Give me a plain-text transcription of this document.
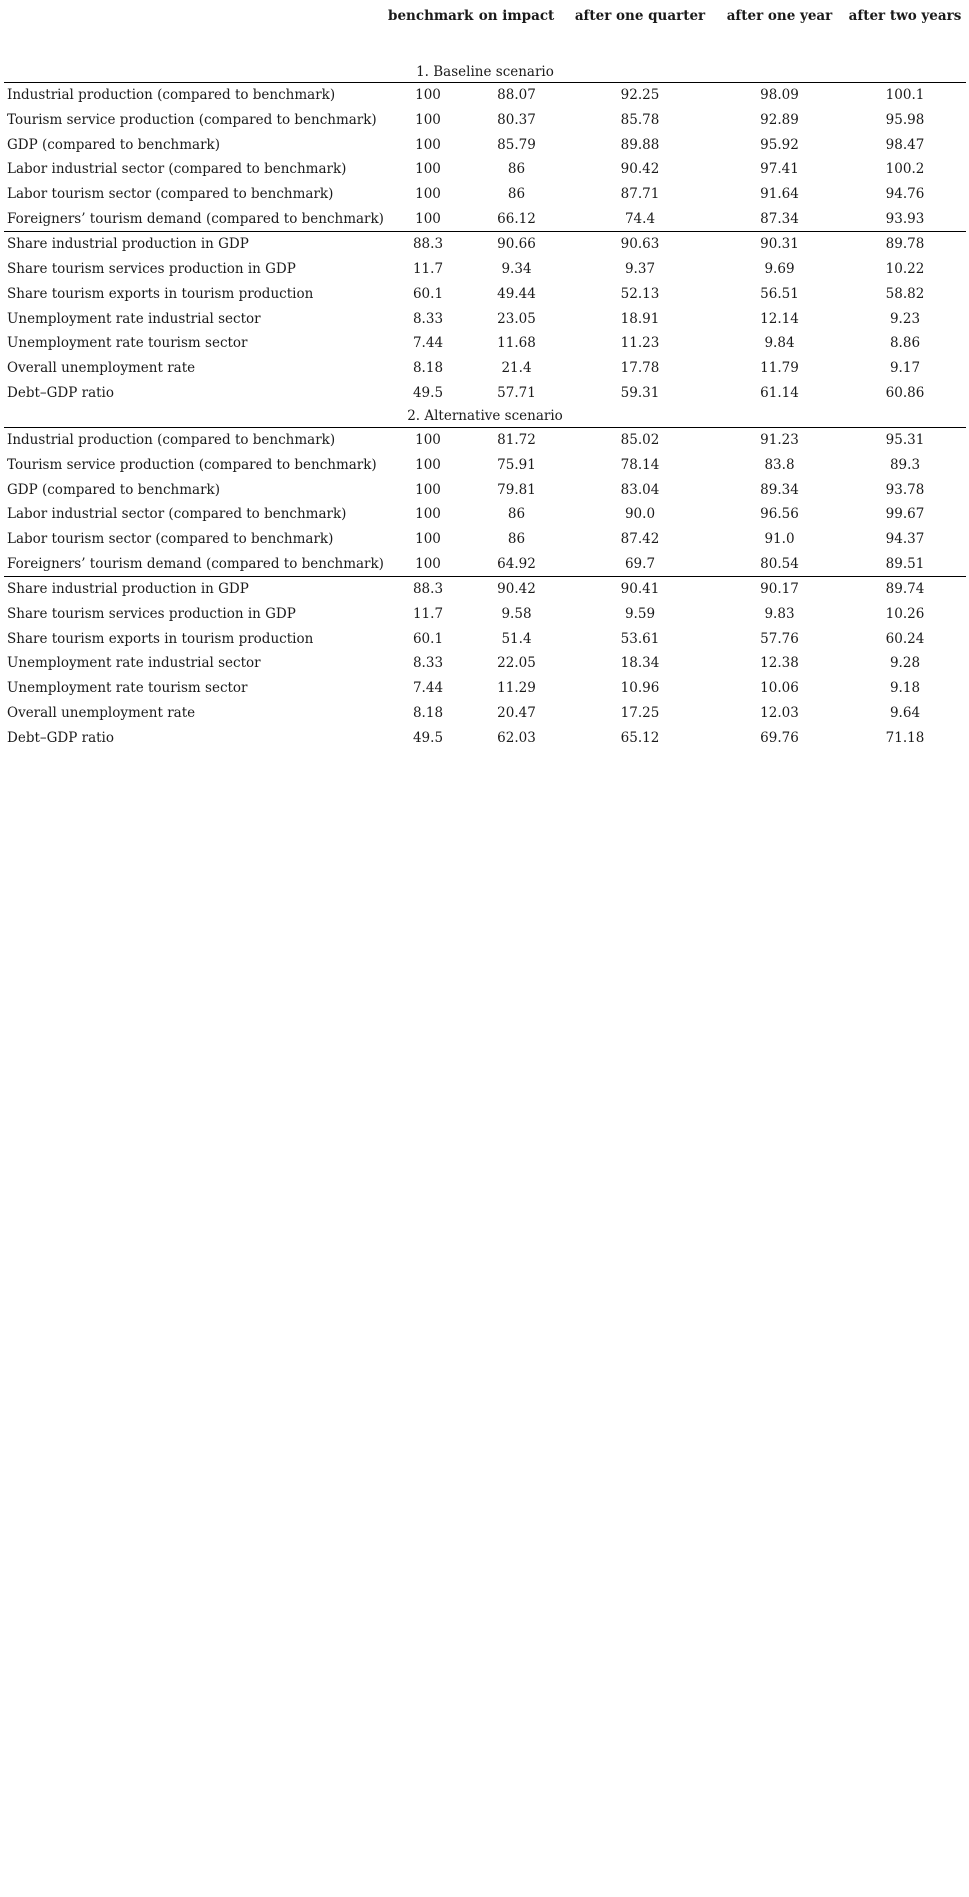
	benchmark	on impact	after one quarter	after one year	after two years

1. Baseline scenario					
Industrial production (compared to benchmark)	100	88.07	92.25	98.09	100.1
Tourism service production (compared to benchmark)	100	80.37	85.78	92.89	95.98
GDP (compared to benchmark)	100	85.79	89.88	95.92	98.47
Labor industrial sector (compared to benchmark)	100	86	90.42	97.41	100.2
Labor tourism sector (compared to benchmark)	100	86	87.71	91.64	94.76
Foreigners’ tourism demand (compared to benchmark)	100	66.12	74.4	87.34	93.93
Share industrial production in GDP	88.3	90.66	90.63	90.31	89.78
Share tourism services production in GDP	11.7	9.34	9.37	9.69	10.22
Share tourism exports in tourism production	60.1	49.44	52.13	56.51	58.82
Unemployment rate industrial sector	8.33	23.05	18.91	12.14	9.23
Unemployment rate tourism sector	7.44	11.68	11.23	9.84	8.86
Overall unemployment rate	8.18	21.4	17.78	11.79	9.17
Debt–GDP ratio	49.5	57.71	59.31	61.14	60.86
2. Alternative scenario					
Industrial production (compared to benchmark)	100	81.72	85.02	91.23	95.31
Tourism service production (compared to benchmark)	100	75.91	78.14	83.8	89.3
GDP (compared to benchmark)	100	79.81	83.04	89.34	93.78
Labor industrial sector (compared to benchmark)	100	86	90.0	96.56	99.67
Labor tourism sector (compared to benchmark)	100	86	87.42	91.0	94.37
Foreigners’ tourism demand (compared to benchmark)	100	64.92	69.7	80.54	89.51
Share industrial production in GDP	88.3	90.42	90.41	90.17	89.74
Share tourism services production in GDP	11.7	9.58	9.59	9.83	10.26
Share tourism exports in tourism production	60.1	51.4	53.61	57.76	60.24
Unemployment rate industrial sector	8.33	22.05	18.34	12.38	9.28
Unemployment rate tourism sector	7.44	11.29	10.96	10.06	9.18
Overall unemployment rate	8.18	20.47	17.25	12.03	9.64
Debt–GDP ratio	49.5	62.03	65.12	69.76	71.18
